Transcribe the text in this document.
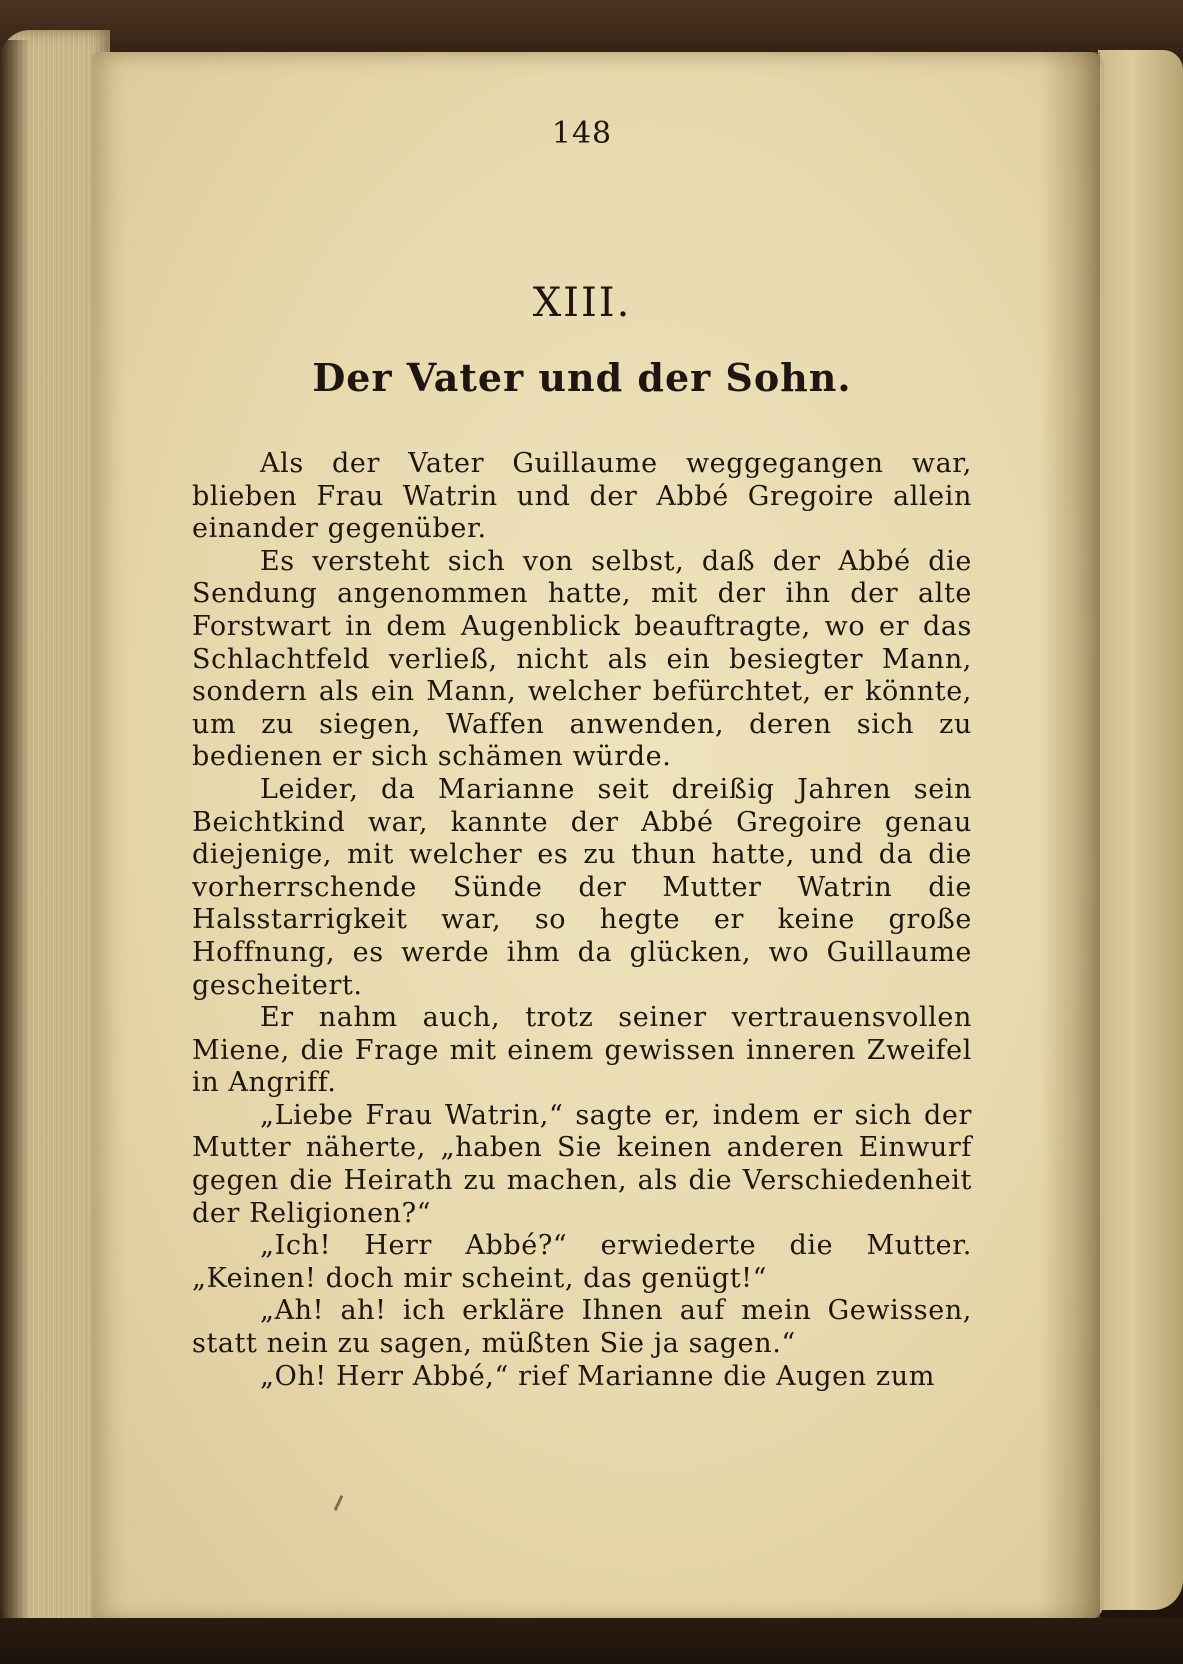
148
XIII.
Der Vater und der Sohn.

Als der Vater Guillaume weggegangen war, blieben Frau Watrin und der Abbé Gregoire allein einander gegenüber.

Es versteht sich von selbst, daß der Abbé die Sendung angenommen hatte, mit der ihn der alte Forstwart in dem Augenblick beauftragte, wo er das Schlachtfeld verließ, nicht als ein besiegter Mann, sondern als ein Mann, welcher befürchtet, er könnte, um zu siegen, Waffen anwenden, deren sich zu bedienen er sich schämen würde.

Leider, da Marianne seit dreißig Jahren sein Beichtkind war, kannte der Abbé Gregoire genau diejenige, mit welcher es zu thun hatte, und da die vorherrschende Sünde der Mutter Watrin die Halsstarrigkeit war, so hegte er keine große Hoffnung, es werde ihm da glücken, wo Guillaume gescheitert.

Er nahm auch, trotz seiner vertrauensvollen Miene, die Frage mit einem gewissen inneren Zweifel in Angriff.

„Liebe Frau Watrin,“ sagte er, indem er sich der Mutter näherte, „haben Sie keinen anderen Einwurf gegen die Heirath zu machen, als die Verschiedenheit der Religionen?“

„Ich! Herr Abbé?“ erwiederte die Mutter. „Keinen! doch mir scheint, das genügt!“

„Ah! ah! ich erkläre Ihnen auf mein Gewissen, statt nein zu sagen, müßten Sie ja sagen.“

„Oh! Herr Abbé,“ rief Marianne die Augen zum
